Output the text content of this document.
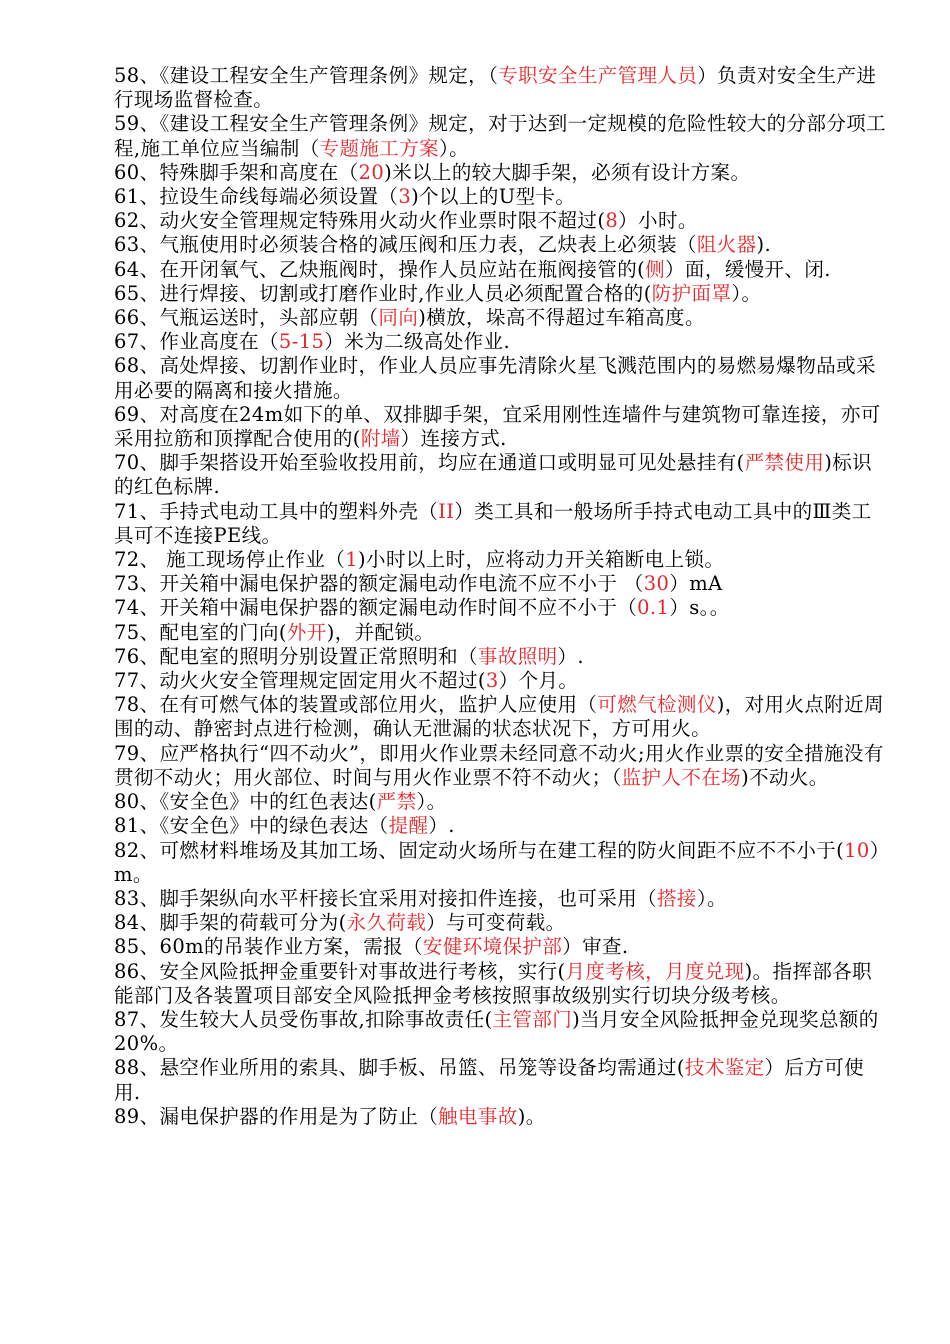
58、《建设工程安全生产管理条例》规定，（专职安全生产管理人员）负责对安全生产进行现场监督检查。

59、《建设工程安全生产管理条例》规定，对于达到一定规模的危险性较大的分部分项工程,施工单位应当编制（专题施工方案）。

60、特殊脚手架和高度在（20)米以上的较大脚手架，必须有设计方案。

61、拉设生命线每端必须设置（3)个以上的U型卡。

62、动火安全管理规定特殊用火动火作业票时限不超过(8）小时。

63、气瓶使用时必须装合格的减压阀和压力表，乙炔表上必须装（阻火器).

64、在开闭氧气、乙炔瓶阀时，操作人员应站在瓶阀接管的(侧）面，缓慢开、闭.

65、进行焊接、切割或打磨作业时,作业人员必须配置合格的(防护面罩）。

66、气瓶运送时，头部应朝（同向)横放，垛高不得超过车箱高度。

67、作业高度在（5-15）米为二级高处作业.

68、高处焊接、切割作业时，作业人员应事先清除火星飞溅范围内的易燃易爆物品或采用必要的隔离和接火措施。

69、对高度在24m如下的单、双排脚手架，宜采用刚性连墙件与建筑物可靠连接，亦可采用拉筋和顶撑配合使用的(附墙）连接方式.

70、脚手架搭设开始至验收投用前，均应在通道口或明显可见处悬挂有(严禁使用)标识的红色标牌.

71、手持式电动工具中的塑料外壳（II）类工具和一般场所手持式电动工具中的Ⅲ类工具可不连接PE线。

72、 施工现场停止作业（1)小时以上时，应将动力开关箱断电上锁。

73、开关箱中漏电保护器的额定漏电动作电流不应不小于 （30）mA

74、开关箱中漏电保护器的额定漏电动作时间不应不小于（0.1）s。。

75、配电室的门向(外开)，并配锁。

76、配电室的照明分别设置正常照明和（事故照明）.

77、动火火安全管理规定固定用火不超过(3）个月。

78、在有可燃气体的装置或部位用火，监护人应使用（可燃气检测仪)，对用火点附近周围的动、静密封点进行检测，确认无泄漏的状态状况下，方可用火。

79、应严格执行“四不动火”，即用火作业票未经同意不动火;用火作业票的安全措施没有贯彻不动火；用火部位、时间与用火作业票不符不动火；（监护人不在场)不动火。

80、《安全色》中的红色表达(严禁）。

81、《安全色》中的绿色表达（提醒）.

82、可燃材料堆场及其加工场、固定动火场所与在建工程的防火间距不应不不小于(10）m。

83、脚手架纵向水平杆接长宜采用对接扣件连接，也可采用（搭接）。

84、脚手架的荷载可分为(永久荷载）与可变荷载。

85、60m的吊装作业方案，需报（安健环境保护部）审查.

86、安全风险抵押金重要针对事故进行考核，实行(月度考核，月度兑现)。指挥部各职能部门及各装置项目部安全风险抵押金考核按照事故级别实行切块分级考核。

87、发生较大人员受伤事故,扣除事故责任(主管部门)当月安全风险抵押金兑现奖总额的20%。

88、悬空作业所用的索具、脚手板、吊篮、吊笼等设备均需通过(技术鉴定）后方可使用.

89、漏电保护器的作用是为了防止（触电事故)。
